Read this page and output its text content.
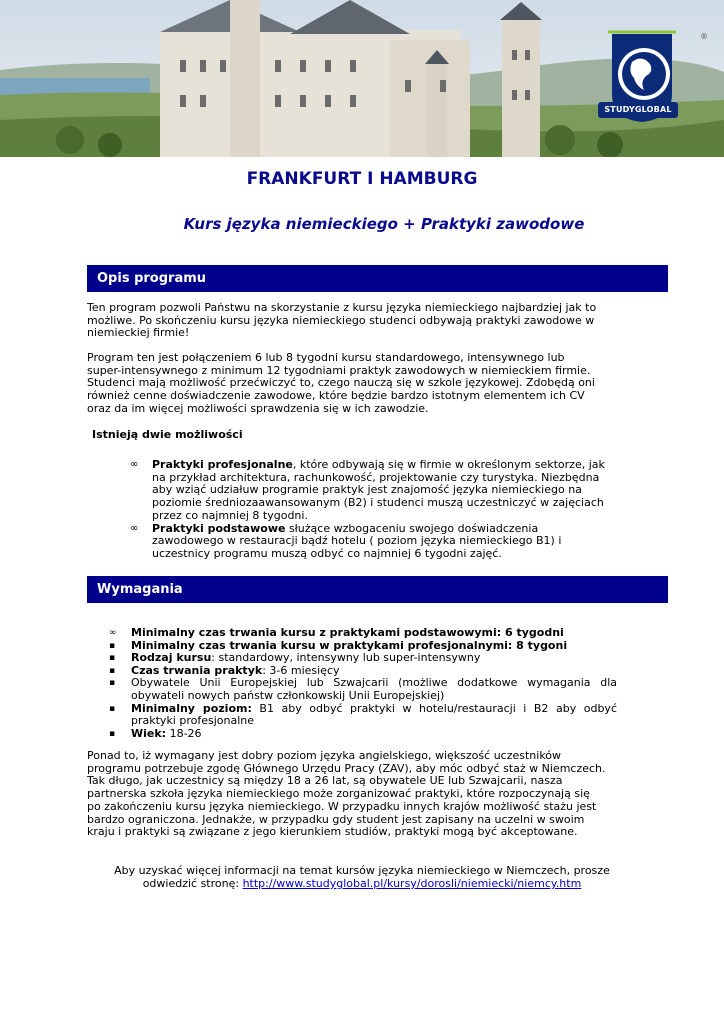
STUDYGLOBAL
®
FRANKFURT I HAMBURG
Kurs języka niemieckiego + Praktyki zawodowe
Opis programu

Ten program pozwoli Państwu na skorzystanie z kursu języka niemieckiego najbardziej jak to możliwe. Po skończeniu kursu języka niemieckiego studenci odbywają praktyki zawodowe w niemieckiej firmie!

Program ten jest połączeniem 6 lub 8 tygodni kursu standardowego, intensywnego lub super-intensywnego z minimum 12 tygodniami praktyk zawodowych w niemieckiem firmie. Studenci mają możliwość przećwiczyć to, czego nauczą się w szkole językowej. Zdobędą oni również cenne doświadczenie zawodowe, które będzie bardzo istotnym elementem ich CV oraz da im więcej możliwości sprawdzenia się w ich zawodzie.

Istnieją dwie możliwości
∞ Praktyki profesjonalne, które odbywają się w firmie w określonym sektorze, jak na przykład architektura, rachunkowość, projektowanie czy turystyka. Niezbędna aby wziąć udziałuw programie praktyk jest znajomość języka niemieckiego na poziomie średniozaawansowanym (B2) i studenci muszą uczestniczyć w zajęciach przez co najmniej 8 tygodni.
∞ Praktyki podstawowe służące wzbogaceniu swojego doświadczenia zawodowego w restauracji bądź hotelu ( poziom języka niemieckiego B1) i uczestnicy programu muszą odbyć co najmniej 6 tygodni zajęć.
Wymagania
∞ Minimalny czas trwania kursu z praktykami podstawowymi: 6 tygodni
▪ Minimalny czas trwania kursu w praktykami profesjonalnymi: 8 tygoni
▪ Rodzaj kursu: standardowy, intensywny lub super-intensywny
▪ Czas trwania praktyk: 3-6 miesięcy
▪ Obywatele Unii Europejskiej lub Szwajcarii (możliwe dodatkowe wymagania dla obywateli nowych państw członkowskij Unii Europejskiej)
▪ Minimalny poziom: B1 aby odbyć praktyki w hotelu/restauracji i B2 aby odbyć praktyki profesjonalne
▪ Wiek: 18-26

Ponad to, iż wymagany jest dobry poziom języka angielskiego, większość uczestników programu potrzebuje zgodę Głównego Urzędu Pracy (ZAV), aby móc odbyć staż w Niemczech. Tak długo, jak uczestnicy są między 18 a 26 lat, są obywatele UE lub Szwajcarii, nasza partnerska szkoła języka niemieckiego może zorganizować praktyki, które rozpoczynają się po zakończeniu kursu języka niemieckiego. W przypadku innych krajów możliwość stażu jest bardzo ograniczona. Jednakże, w przypadku gdy student jest zapisany na uczelni w swoim kraju i praktyki są związane z jego kierunkiem studiów, praktyki mogą być akceptowane.

Aby uzyskać więcej informacji na temat kursów języka niemieckiego w Niemczech, prosze
odwiedzić stronę: http://www.studyglobal.pl/kursy/dorosli/niemiecki/niemcy.htm
